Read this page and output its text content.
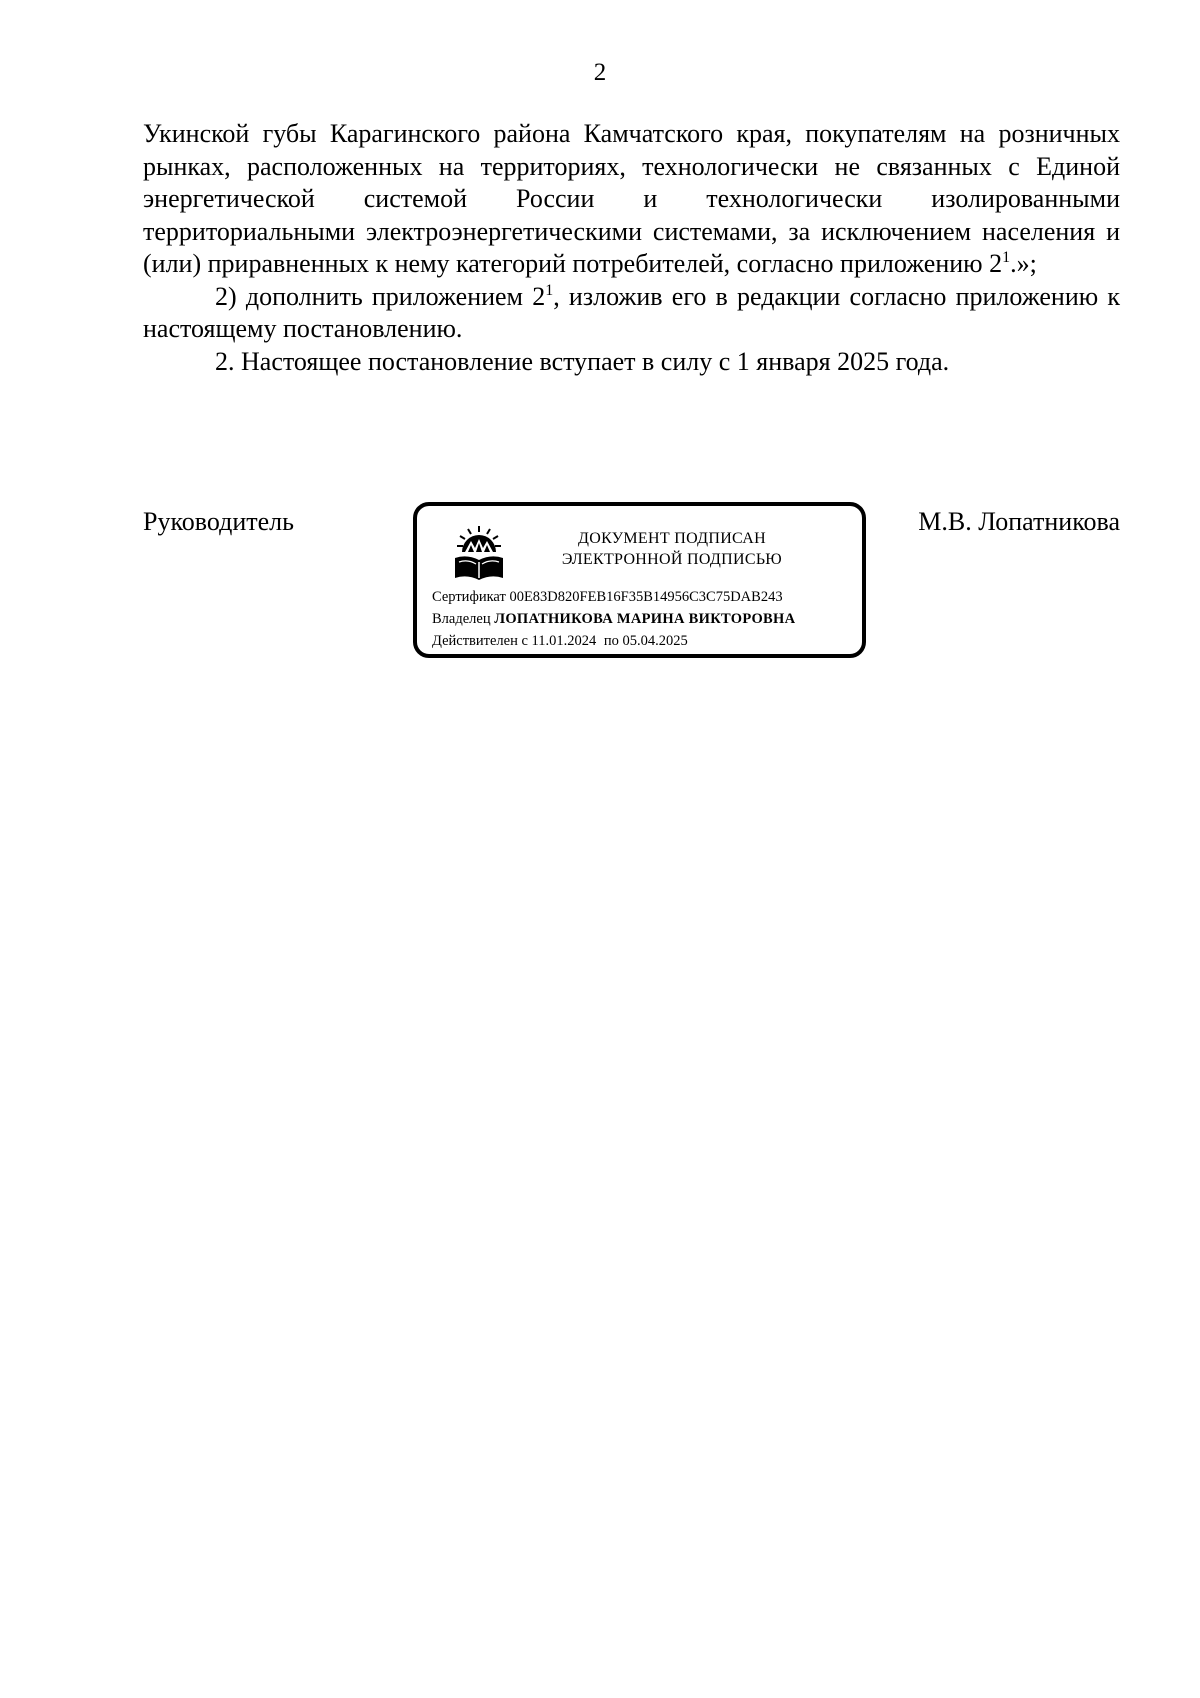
2

Укинской губы Карагинского района Камчатского края, покупателям на розничных рынках, расположенных на территориях, технологически не связанных с Единой энергетической системой России и технологически изолированными территориальными электроэнергетическими системами, за исключением населения и (или) приравненных к нему категорий потребителей, согласно приложению $2^1$.»;

2) дополнить приложением $2^1$, изложив его в редакции согласно приложению к настоящему постановлению.

2. Настоящее постановление вступает в силу с 1 января 2025 года.

Руководитель	М.В. Лопатникова
ДОКУМЕНТ ПОДПИСАН
ЭЛЕКТРОННОЙ ПОДПИСЬЮ
Сертификат 00E83D820FEB16F35B14956C3C75DAB243
Владелец ЛОПАТНИКОВА МАРИНА ВИКТОРОВНА
Действителен с 11.01.2024 по 05.04.2025
